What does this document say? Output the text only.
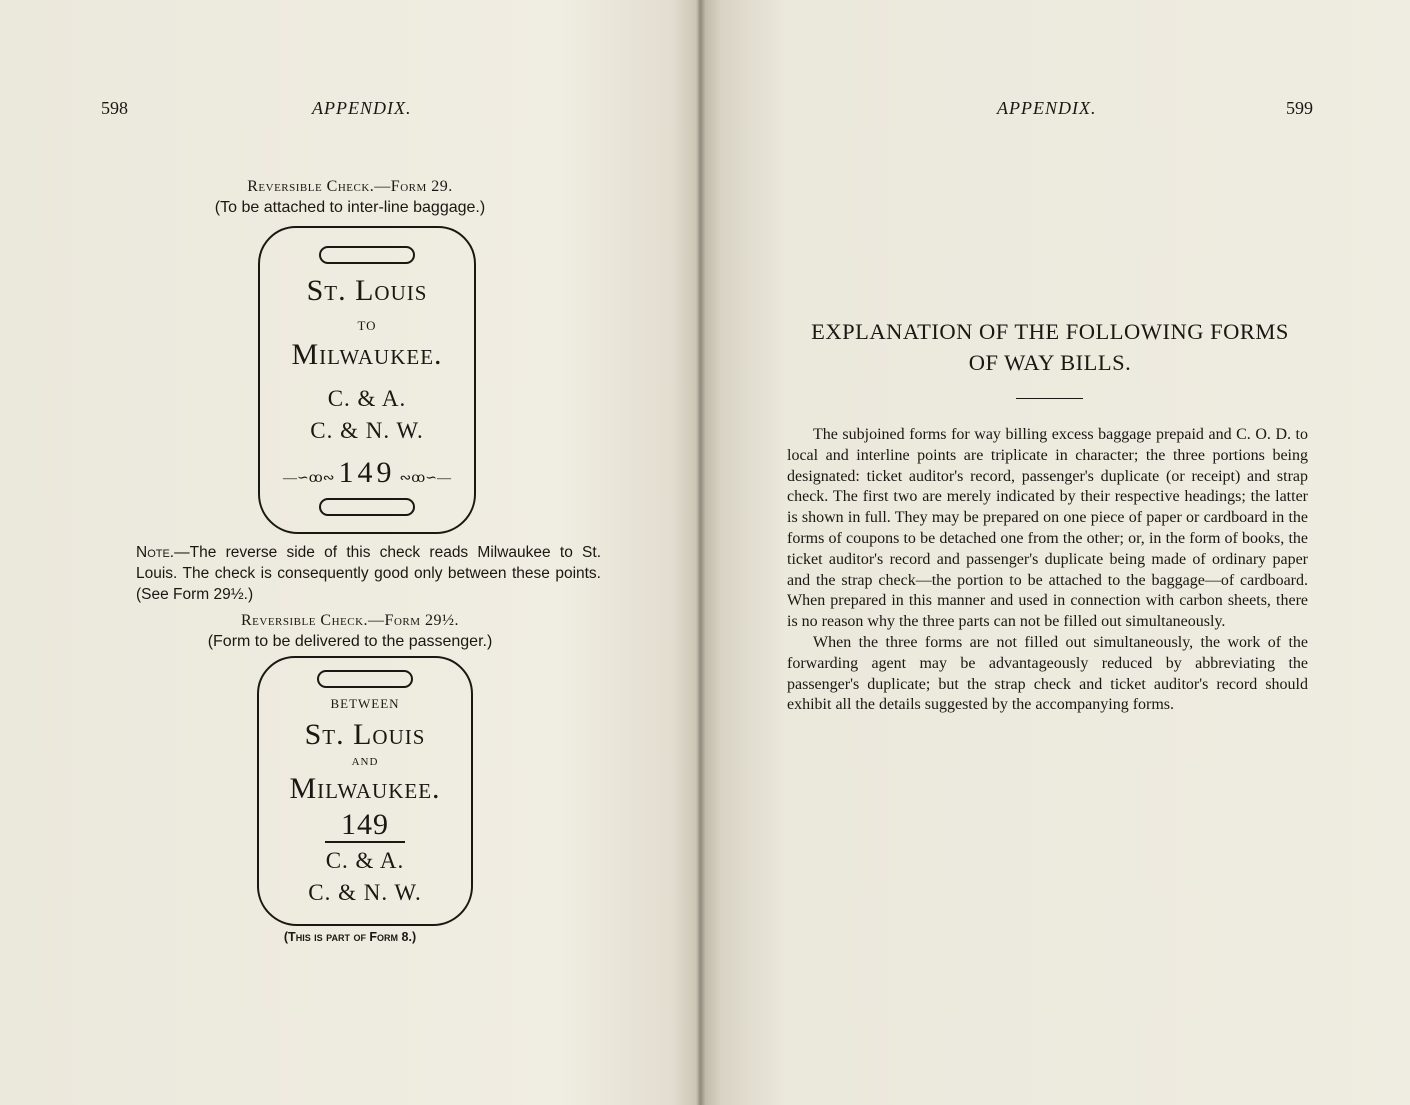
598	APPENDIX.
Reversible Check.—Form 29.
(To be attached to inter-line baggage.)
St. Louis
TO
Milwaukee.
C. & A.
C. & N. W.
—∽ꝏ∾ 149 ∾ꝏ∽—
Note.—The reverse side of this check reads Milwaukee to St. Louis. The check is consequently good only between these points. (See Form 29½.)
Reversible Check.—Form 29½.
(Form to be delivered to the passenger.)
BETWEEN
St. Louis
AND
Milwaukee.
149
C. & A.
C. & N. W.
(This is part of Form 8.)
APPENDIX.	599
EXPLANATION OF THE FOLLOWING FORMS
OF WAY BILLS.

The subjoined forms for way billing excess baggage prepaid and C. O. D. to local and interline points are triplicate in character; the three portions being designated: ticket auditor's record, passenger's duplicate (or receipt) and strap check. The first two are merely indicated by their respective headings; the latter is shown in full. They may be prepared on one piece of paper or cardboard in the forms of coupons to be detached one from the other; or, in the form of books, the ticket auditor's record and passenger's duplicate being made of ordinary paper and the strap check—the portion to be attached to the baggage—of cardboard. When prepared in this manner and used in connection with carbon sheets, there is no reason why the three parts can not be filled out simultaneously.

When the three forms are not filled out simultaneously, the work of the forwarding agent may be advantageously reduced by abbreviating the passenger's duplicate; but the strap check and ticket auditor's record should exhibit all the details suggested by the accompanying forms.
